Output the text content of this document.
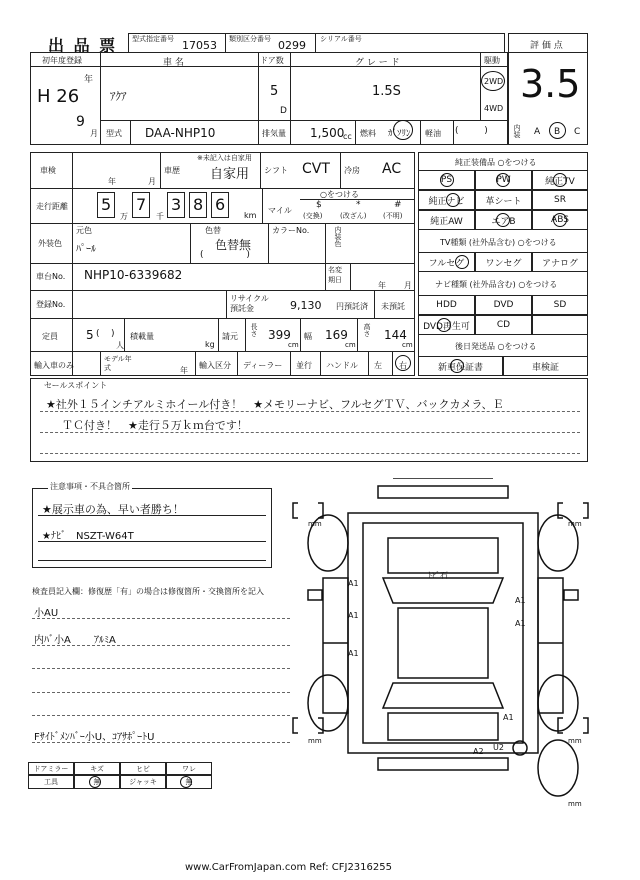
出 品 票 型式指定番号 17053 類別区分番号 0299 シリアル番号
評 価 点
3.5
初年度登録
年
H 26
9
月
車 名
ｱｸｱ
型式 DAA-NHP10
ドア数
5
D
グ レ ー ド
1.5S
駆動
2WD
4WD
排気量 1,500
cc 燃料 ｶﾞｿﾘﾝ 軽油 (         )	内装 A B C
車検
年	月
車歴
※未記入は自家用
自家用 シフト CVT 冷房 AC
走行距離 5 7 3 8 6
万	千	km
○をつける
マイル
$
(交換)
*
(改ざん)
#
(不明)
外装色
元色
ﾊﾟｰﾙ
色替
色替無
(               )
カラーNo.	内装色
車台No. NHP10-6339682	名変期日
年 月
登録No.
リサイクル預託金	9,130 円預託済 未預託
定員 5 (    )
人
積載量
kg
請元 長さ 399
cm
幅 169
cm
高さ 144
cm
輸入車のみ
モデル年式	年
輸入区分 ディーラー 並行 ハンドル 左 右
純正装備品 ○をつける
PS	PW	純正TV
純正ナビ 革シート	SR
純正AW	エアB	ABS
TV種類 (社外品含む) ○をつける
フルセグ ワンセグ アナログ
ナビ種類 (社外品含む) ○をつける
HDD	DVD	SD
DVD再生可	CD
後日発送品 ○をつける
新車保証書	車検証
セールスポイント
★社外１５インチアルミホイール付き！　★メモリーナビ、フルセグＴＶ、バックカメラ、Ｅ
ＴＣ付き！　★走行５万ｋｍ台です！
注意事項・不具合箇所
★展示車の為、早い者勝ち！
★ﾅﾋﾞ　NSZT-W64T
検査員記入欄：修復歴「有」の場合は修復箇所・交換箇所を記入
小AU
内ﾊﾞ小A　　 ｱﾙﾐA
Fｻｲﾄﾞﾒﾝﾊﾞｰ小U、ｺｱｻﾎﾟｰﾄU
ドアミラー	キズ	ヒビ	ワレ
工具	無	ジャッキ	無
mm	mm
mm	mm
mm
ﾄﾋﾞ石
A1
A1
A1
A1
A1
A1
A2 U2
www.CarFromJapan.com Ref: CFJ2316255
